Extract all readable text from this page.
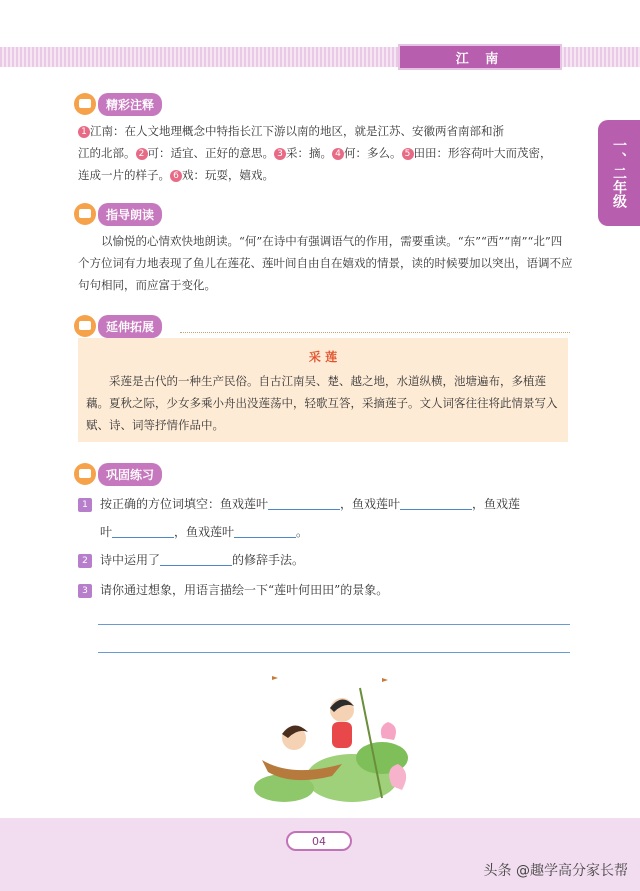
江 南
一、二年级
精彩注释
1 江南：在人文地理概念中特指长江下游以南的地区，就是江苏、安徽两省南部和浙
江的北部。 2 可：适宜、正好的意思。 3 采：摘。 4 何：多么。 5 田田：形容荷叶大而茂密，
连成一片的样子。 6 戏：玩耍，嬉戏。
指导朗读
以愉悦的心情欢快地朗读。“何”在诗中有强调语气的作用，需要重读。“东”“西”“南”“北”四个方位词有力地表现了鱼儿在莲花、莲叶间自由自在嬉戏的情景，读的时候要加以突出，语调不应句句相同，而应富于变化。
延伸拓展
采 莲
采莲是古代的一种生产民俗。自古江南吴、楚、越之地，水道纵横，池塘遍布，多植莲藕。夏秋之际，少女多乘小舟出没莲荡中，轻歌互答，采摘莲子。文人词客往往将此情景写入赋、诗、词等抒情作品中。
巩固练习
1 按正确的方位词填空：鱼戏莲叶	，鱼戏莲叶	，鱼戏莲
叶	，鱼戏莲叶	。
2 诗中运用了	的修辞手法。
3 请你通过想象，用语言描绘一下“莲叶何田田”的景象。
04
头条 @趣学高分家长帮
